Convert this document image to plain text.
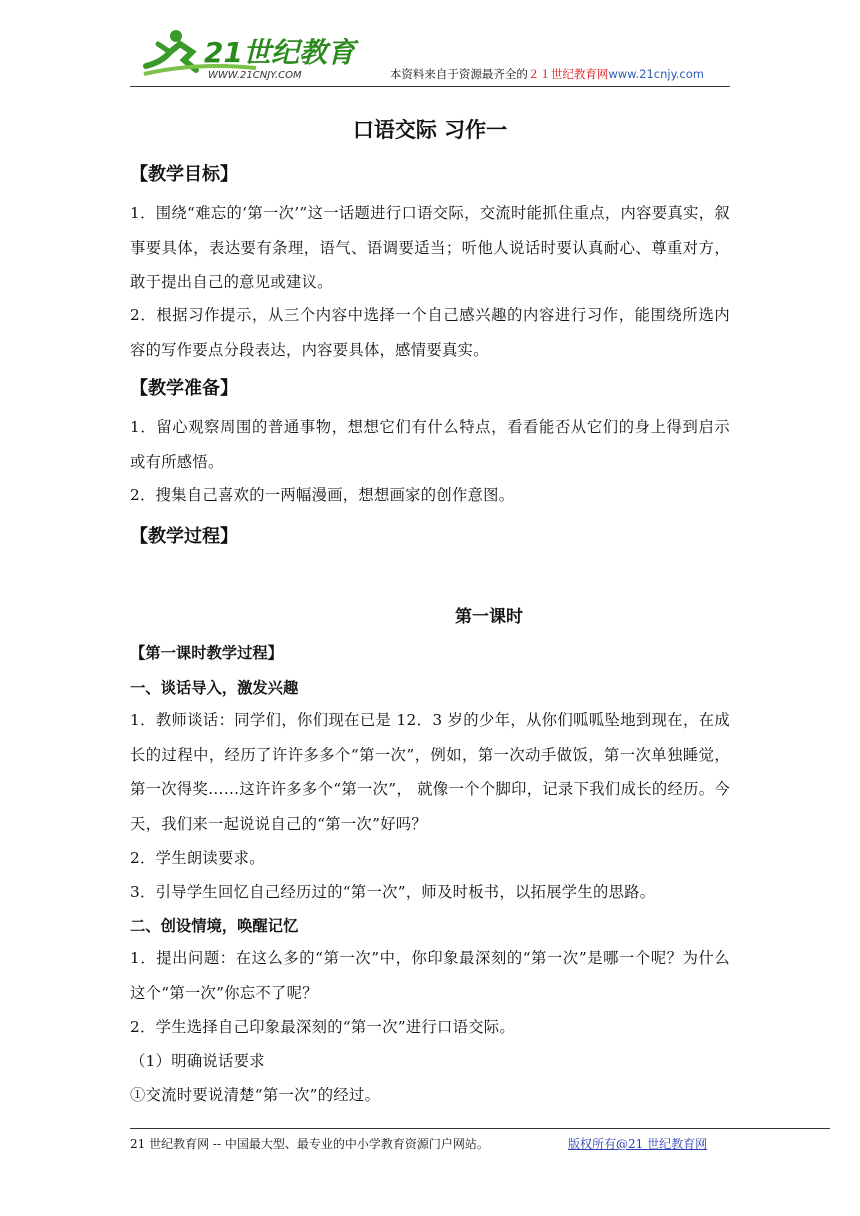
21世纪教育
WWW.21CNJY.COM	本资料来自于资源最齐全的２１世纪教育网www.21cnjy.com
口语交际 习作一
【教学目标】
1．围绕“难忘的‘第一次’”这一话题进行口语交际，交流时能抓住重点，内容要真实，叙事要具体，表达要有条理，语气、语调要适当；听他人说话时要认真耐心、尊重对方，敢于提出自己的意见或建议。
2．根据习作提示，从三个内容中选择一个自己感兴趣的内容进行习作，能围绕所选内容的写作要点分段表达，内容要具体，感情要真实。
【教学准备】
1．留心观察周围的普通事物，想想它们有什么特点，看看能否从它们的身上得到启示或有所感悟。
2．搜集自己喜欢的一两幅漫画，想想画家的创作意图。
【教学过程】
第一课时
【第一课时教学过程】
一、谈话导入，激发兴趣
1．教师谈话：同学们，你们现在已是 12．3 岁的少年，从你们呱呱坠地到现在，在成长的过程中，经历了许许多多个“第一次”，例如，第一次动手做饭，第一次单独睡觉，第一次得奖……这许许多多个“第一次”， 就像一个个脚印，记录下我们成长的经历。今天，我们来一起说说自己的“第一次”好吗？
2．学生朗读要求。
3．引导学生回忆自己经历过的“第一次”，师及时板书，以拓展学生的思路。
二、创设情境，唤醒记忆
1．提出问题：在这么多的“第一次”中，你印象最深刻的“第一次”是哪一个呢？为什么这个“第一次”你忘不了呢？
2．学生选择自己印象最深刻的“第一次”进行口语交际。
（1）明确说话要求
①交流时要说清楚“第一次”的经过。
21 世纪教育网 -- 中国最大型、最专业的中小学教育资源门户网站。	版权所有@21 世纪教育网
